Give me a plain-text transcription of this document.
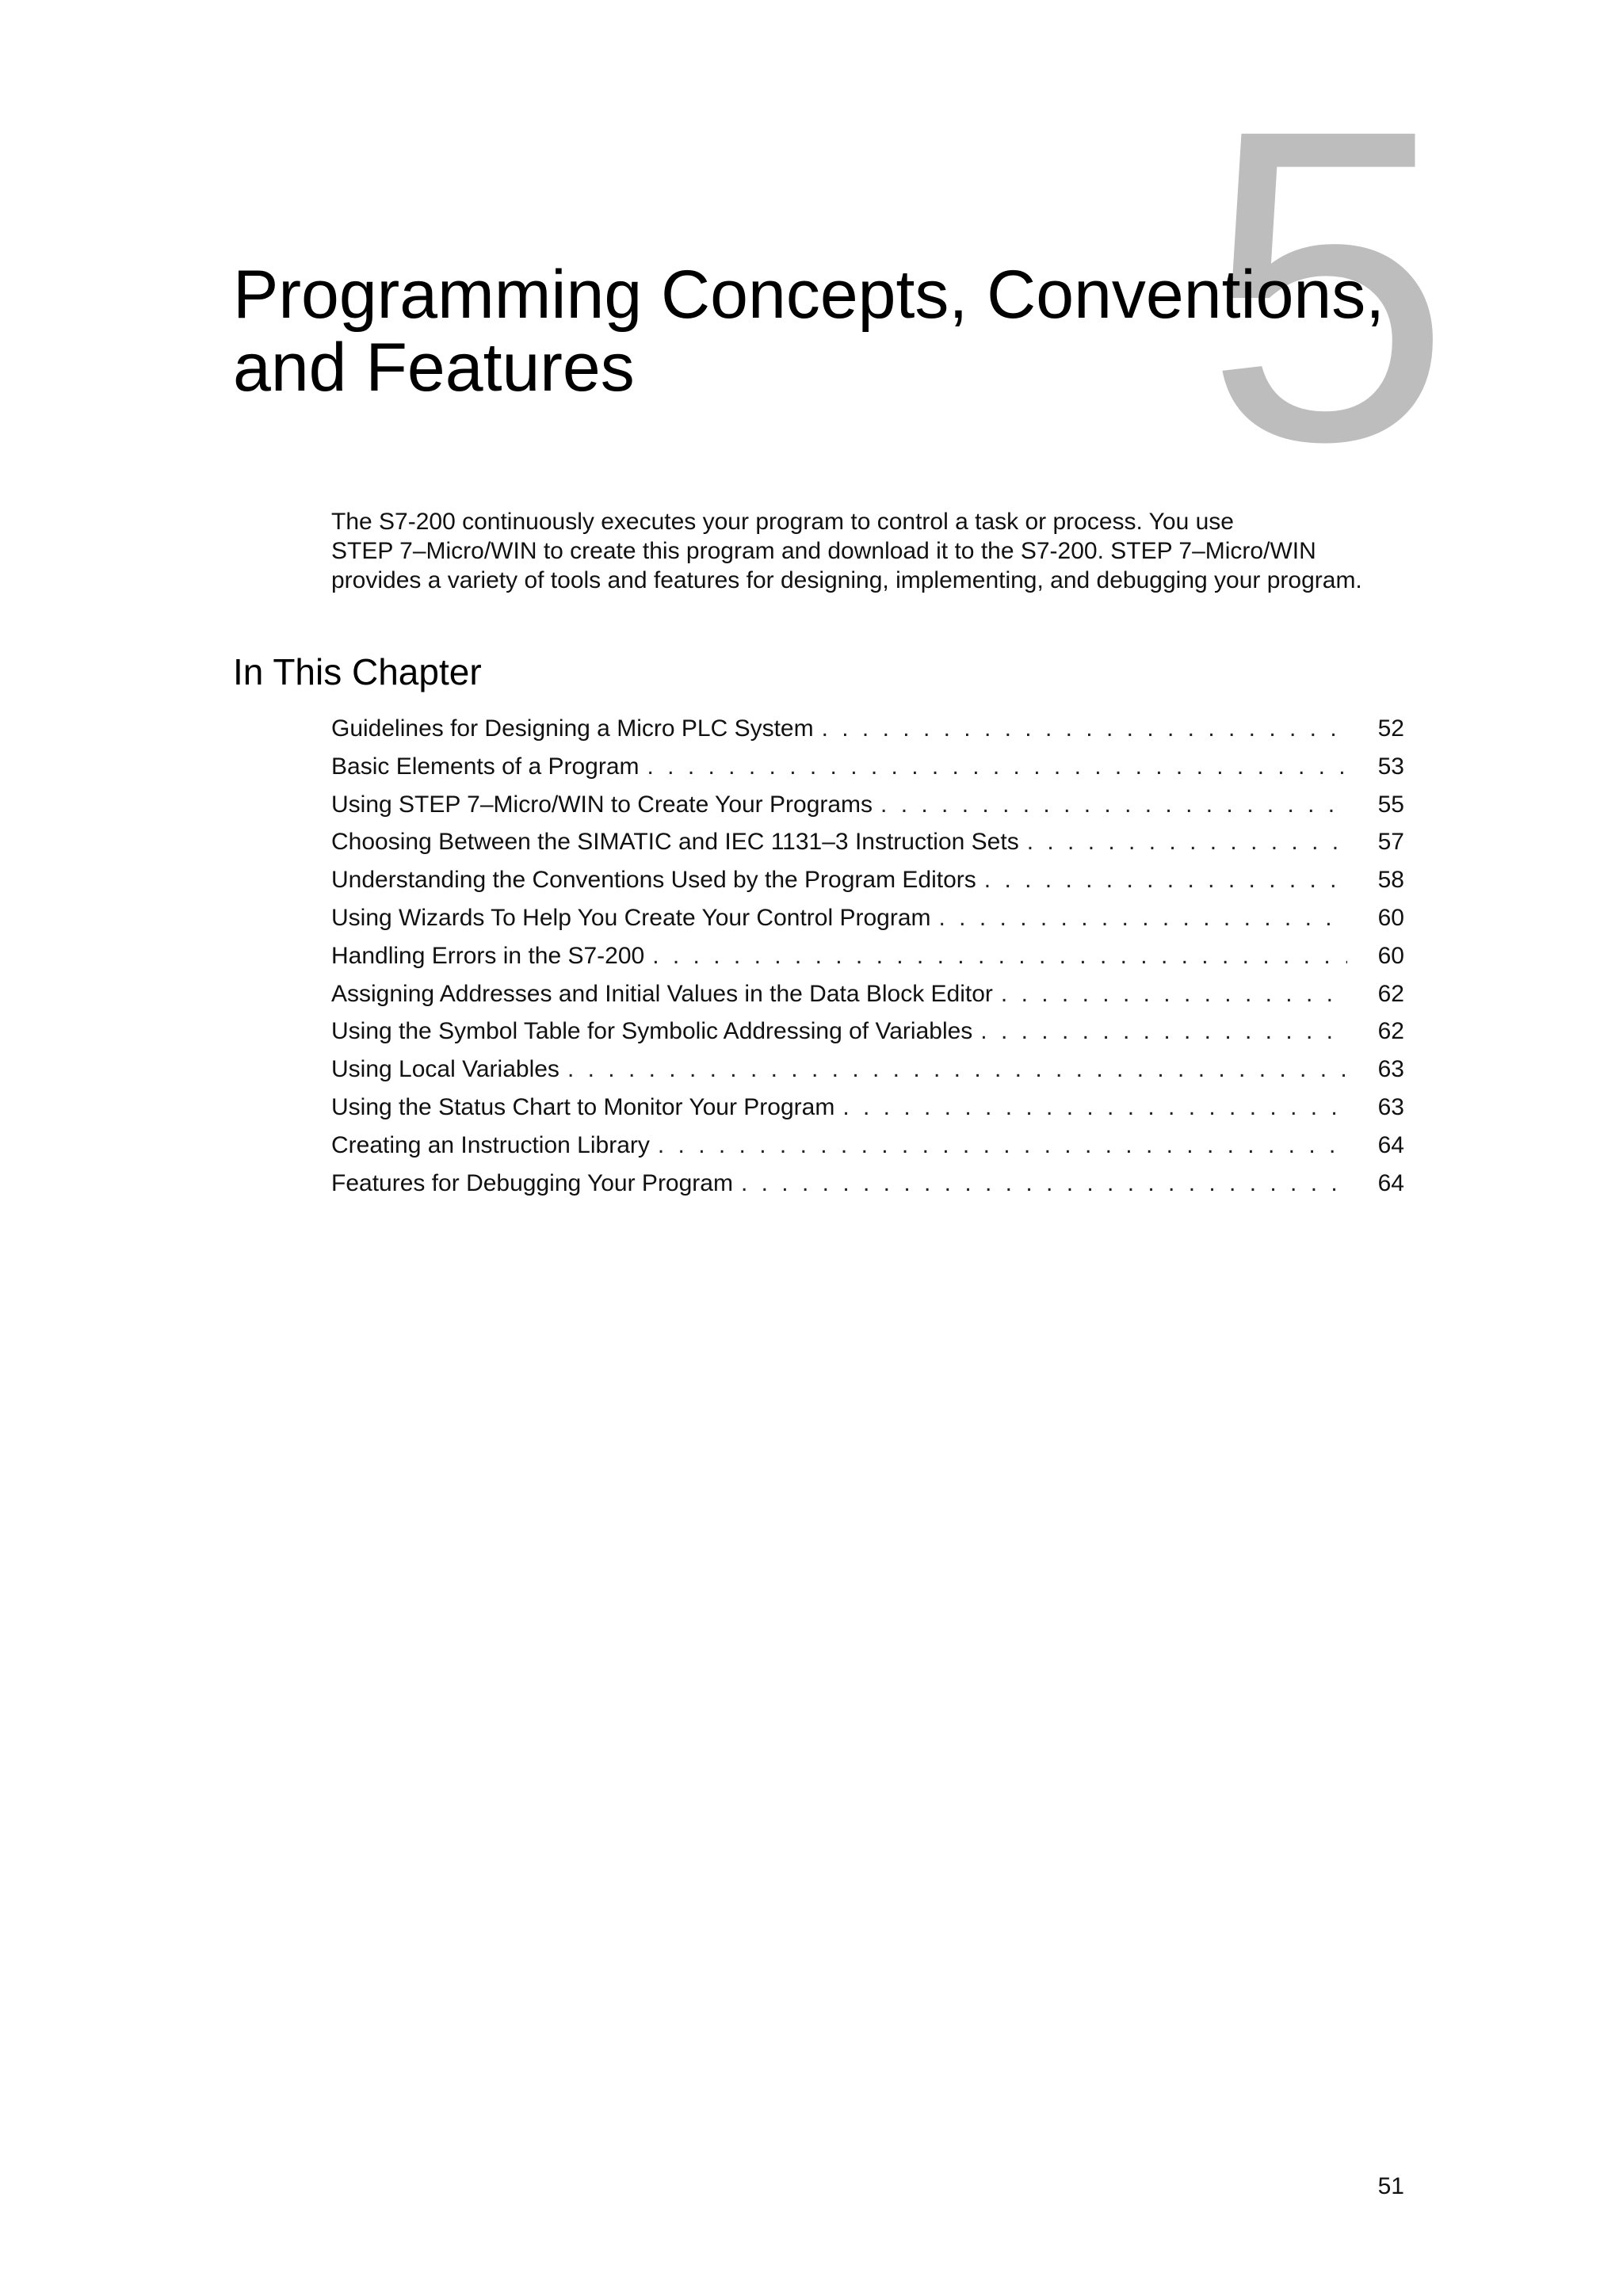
5
Programming Concepts, Conventions,
and Features

The S7-200 continuously executes your program to control a task or process. You use
STEP 7–Micro/WIN to create this program and download it to the S7-200. STEP 7–Micro/WIN
provides a variety of tools and features for designing, implementing, and debugging your program.

In This Chapter
Guidelines for Designing a Micro PLC System . . .	52
Basic Elements of a Program . . .	53
Using STEP 7–Micro/WIN to Create Your Programs . . .	55
Choosing Between the SIMATIC and IEC 1131–3 Instruction Sets . . .	57
Understanding the Conventions Used by the Program Editors . . .	58
Using Wizards To Help You Create Your Control Program . . .	60
Handling Errors in the S7-200 . . .	60
Assigning Addresses and Initial Values in the Data Block Editor . . .	62
Using the Symbol Table for Symbolic Addressing of Variables . . .	62
Using Local Variables . . .	63
Using the Status Chart to Monitor Your Program . . .	63
Creating an Instruction Library . . .	64
Features for Debugging Your Program . . .	64
51
